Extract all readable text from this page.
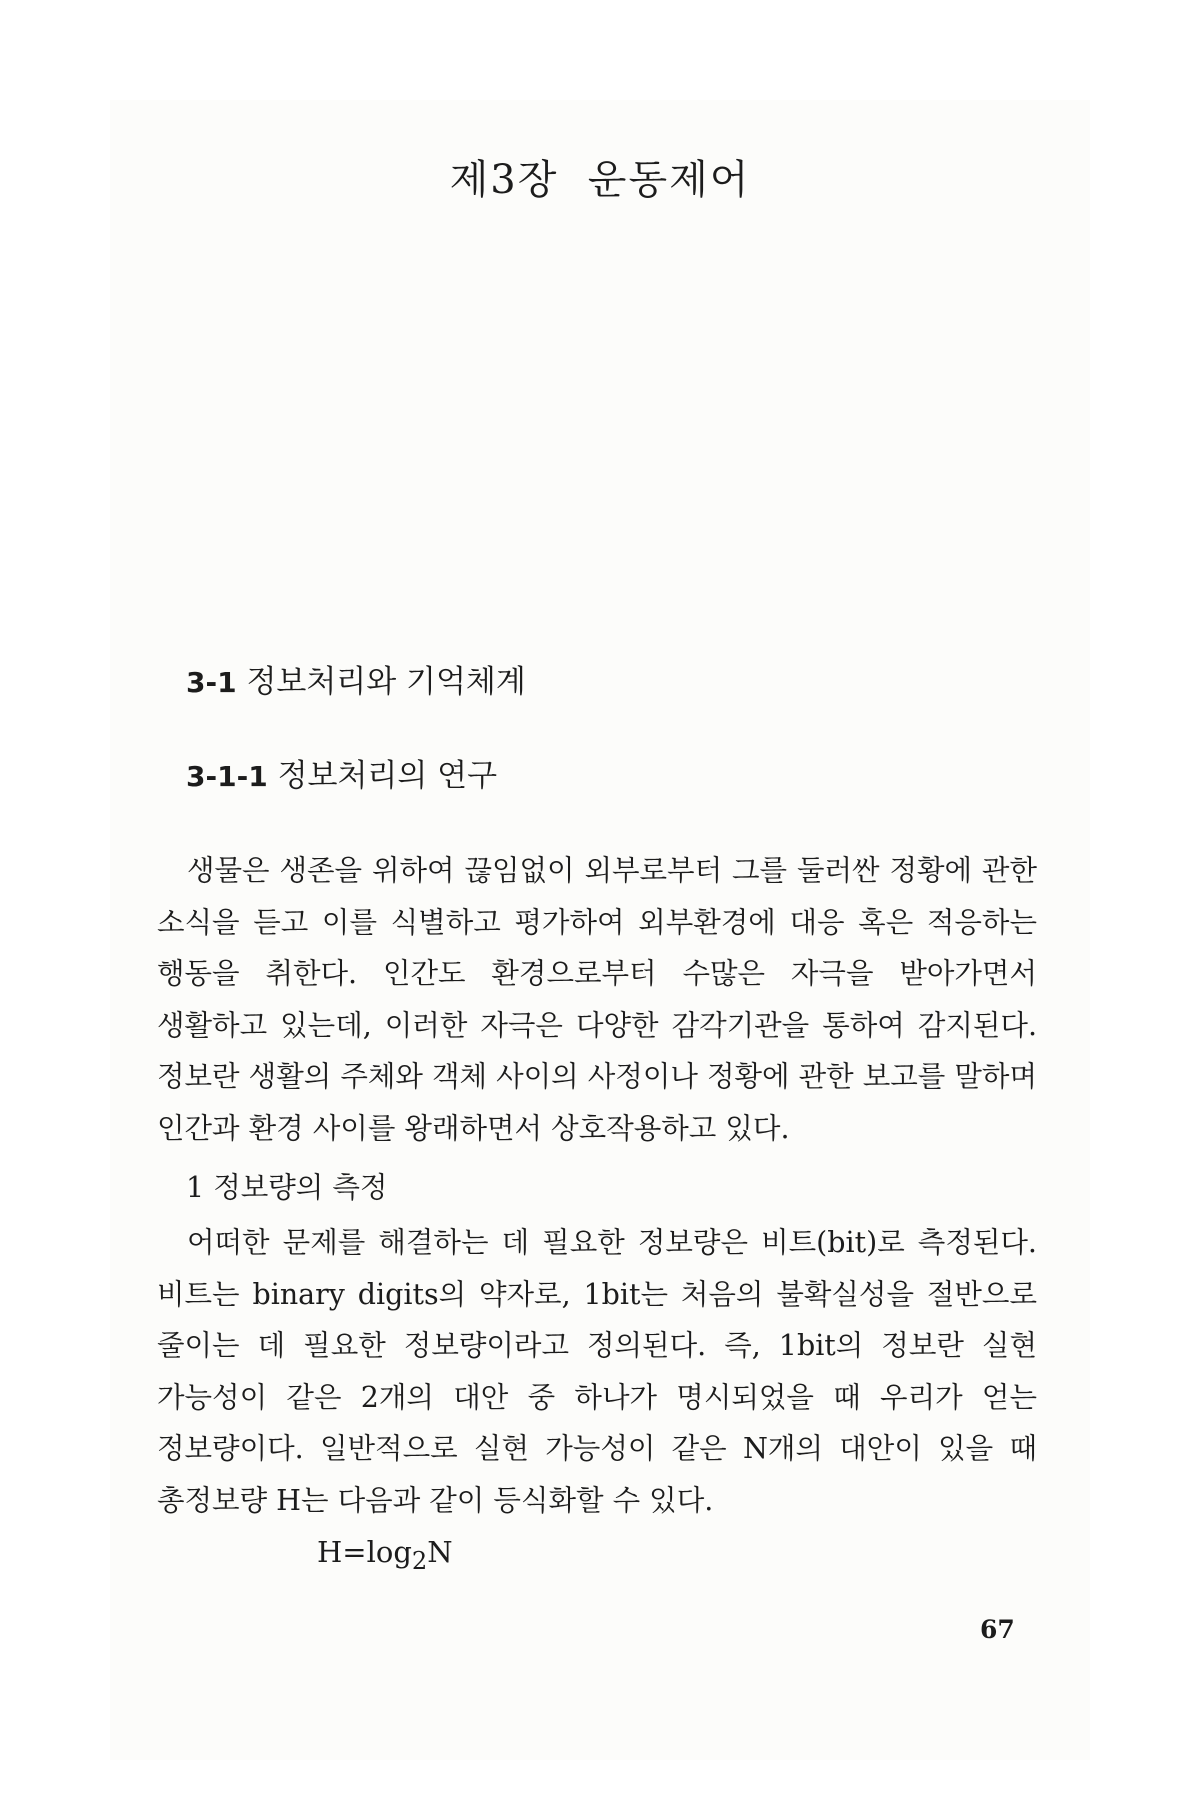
제3장  운동제어
3-1 정보처리와 기억체계
3-1-1 정보처리의 연구

생물은 생존을 위하여 끊임없이 외부로부터 그를 둘러싼 정황에 관한 소식을 듣고 이를 식별하고 평가하여 외부환경에 대응 혹은 적응하는 행동을 취한다. 인간도 환경으로부터 수많은 자극을 받아가면서 생활하고 있는데, 이러한 자극은 다양한 감각기관을 통하여 감지된다. 정보란 생활의 주체와 객체 사이의 사정이나 정황에 관한 보고를 말하며 인간과 환경 사이를 왕래하면서 상호작용하고 있다.

1 정보량의 측정

어떠한 문제를 해결하는 데 필요한 정보량은 비트(bit)로 측정된다. 비트는 binary digits의 약자로, 1bit는 처음의 불확실성을 절반으로 줄이는 데 필요한 정보량이라고 정의된다. 즉, 1bit의 정보란 실현 가능성이 같은 2개의 대안 중 하나가 명시되었을 때 우리가 얻는 정보량이다. 일반적으로 실현 가능성이 같은 N개의 대안이 있을 때 총정보량 H는 다음과 같이 등식화할 수 있다.

$H=\log_2N$

67
